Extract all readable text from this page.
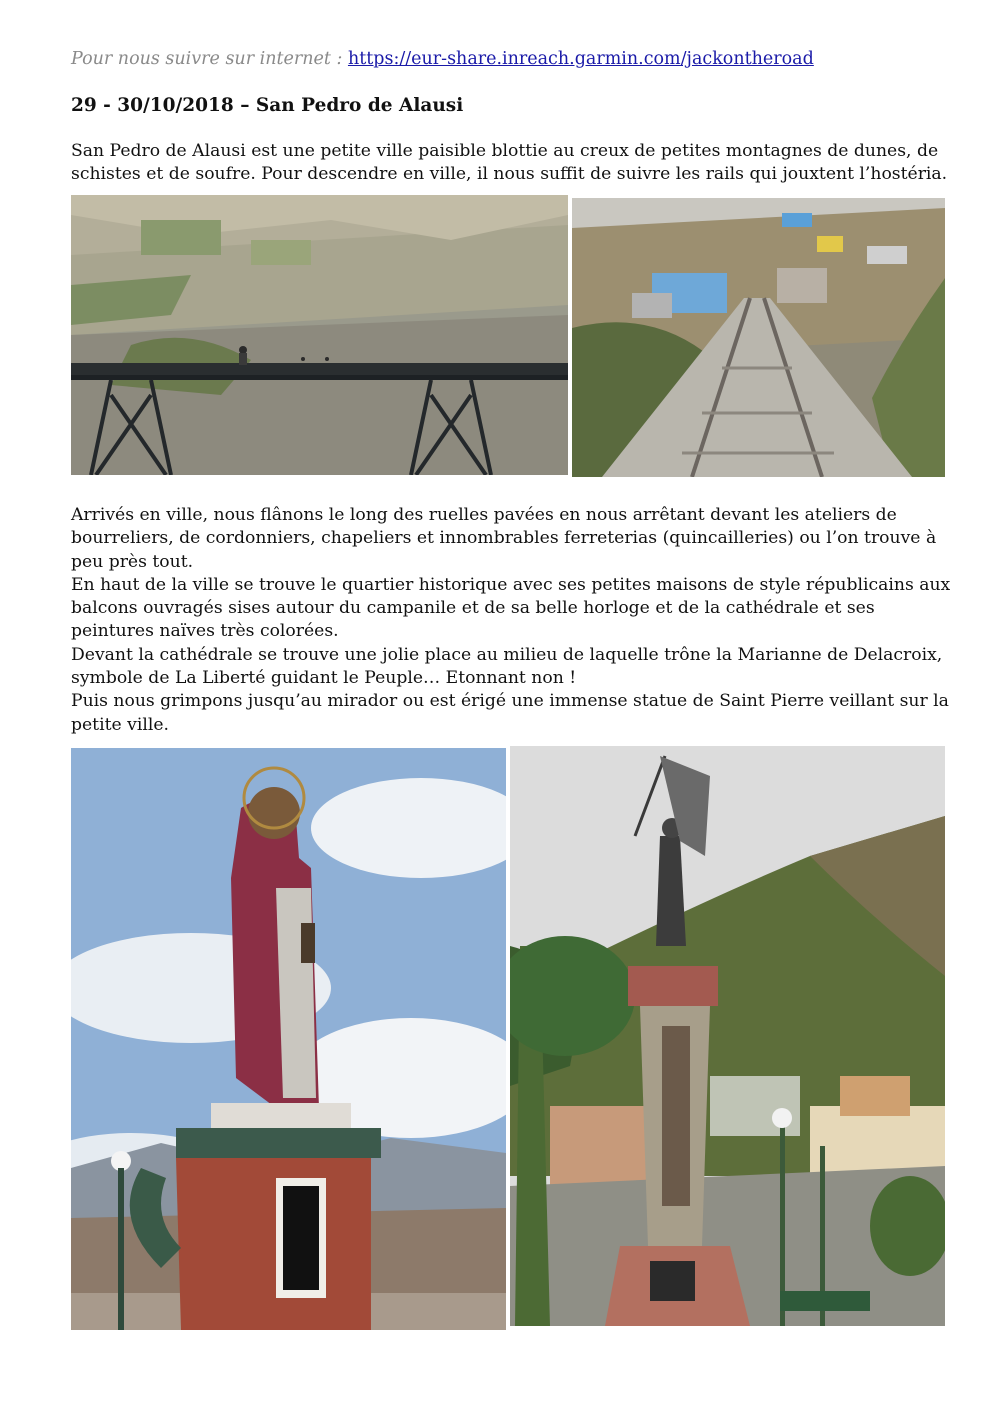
Pour nous suivre sur internet : https://eur-share.inreach.garmin.com/jackontheroad
29 - 30/10/2018 – San Pedro de Alausi

San Pedro de Alausi est une petite ville paisible blottie au creux de petites montagnes de dunes, de schistes et de soufre. Pour descendre en ville, il nous suffit de suivre les rails qui jouxtent l’hostéria.

Arrivés en ville, nous flânons le long des ruelles pavées en nous arrêtant devant les ateliers de bourreliers, de cordonniers, chapeliers et innombrables ferreterias (quincailleries) ou l’on trouve à peu près tout.

En haut de la ville se trouve le quartier historique avec ses petites maisons de style républicains aux balcons ouvragés sises autour du campanile et de sa belle horloge et de la cathédrale et ses peintures naïves très colorées.

Devant la cathédrale se trouve une jolie place au milieu de laquelle trône la Marianne de Delacroix, symbole de La Liberté guidant le Peuple… Etonnant non !

Puis nous grimpons jusqu’au mirador ou est érigé une immense statue de Saint Pierre veillant sur la petite ville.
